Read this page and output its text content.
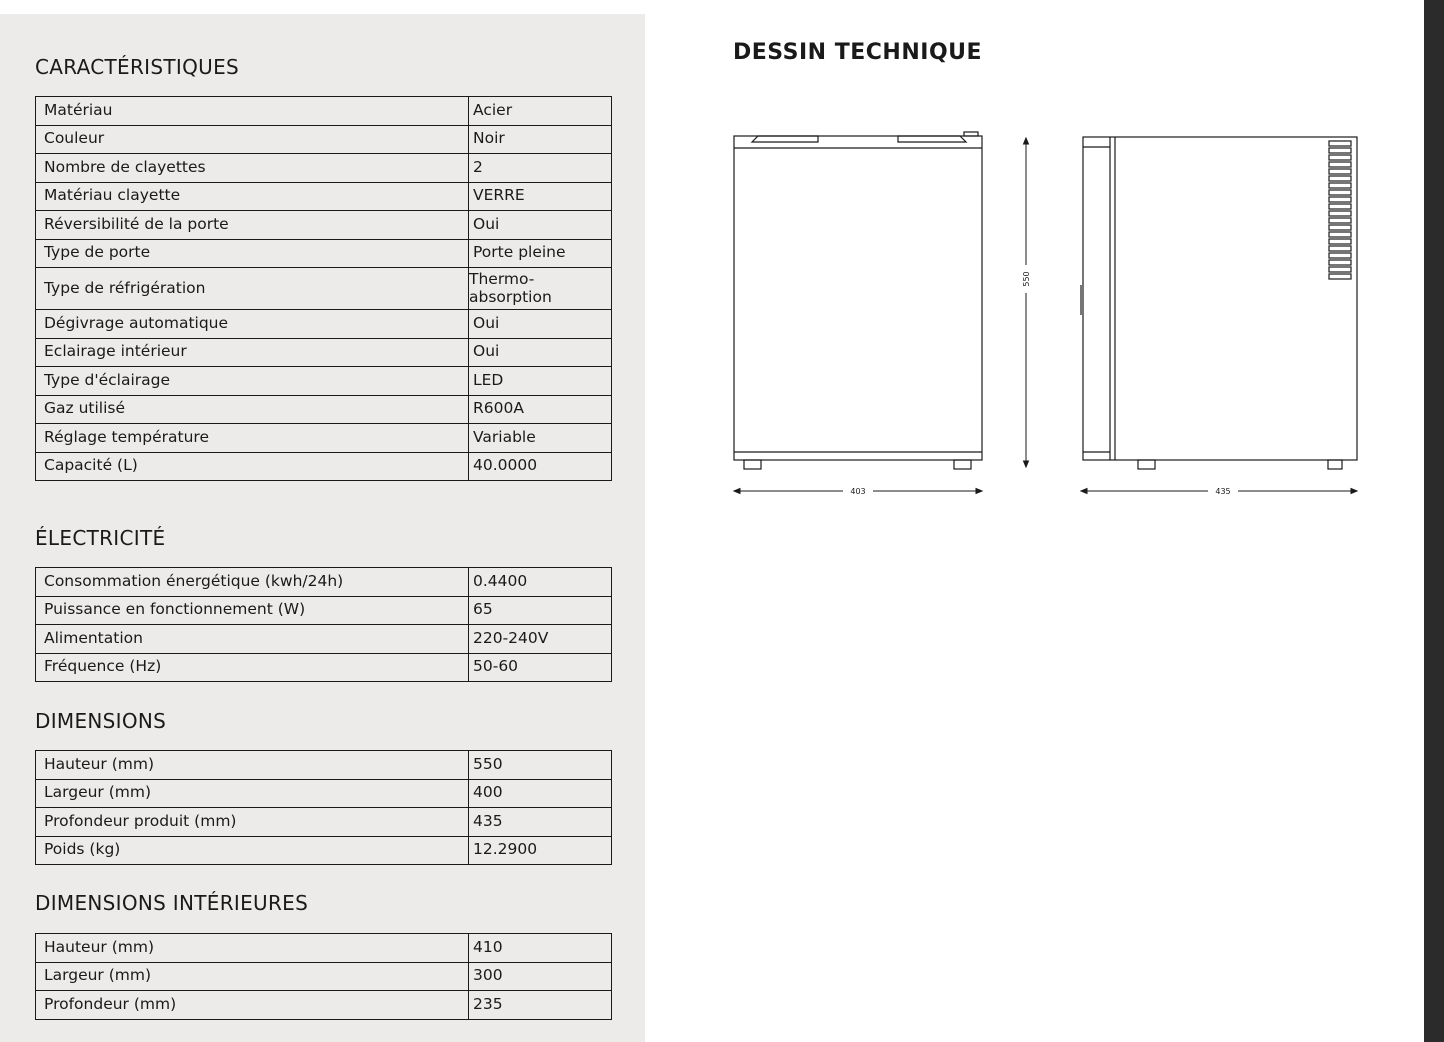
CARACTÉRISTIQUES
Matériau	Acier
Couleur	Noir
Nombre de clayettes	2
Matériau clayette	VERRE
Réversibilité de la porte	Oui
Type de porte	Porte pleine
Type de réfrigération	Thermo-absorption
Dégivrage automatique	Oui
Eclairage intérieur	Oui
Type d'éclairage	LED
Gaz utilisé	R600A
Réglage température	Variable
Capacité (L)	40.0000
ÉLECTRICITÉ
Consommation énergétique (kwh/24h)	0.4400
Puissance en fonctionnement (W)	65
Alimentation	220-240V
Fréquence (Hz)	50-60
DIMENSIONS
Hauteur (mm)	550
Largeur (mm)	400
Profondeur produit (mm)	435
Poids (kg)	12.2900
DIMENSIONS INTÉRIEURES
Hauteur (mm)	410
Largeur (mm)	300
Profondeur (mm)	235
DESSIN TECHNIQUE
403	435
550
